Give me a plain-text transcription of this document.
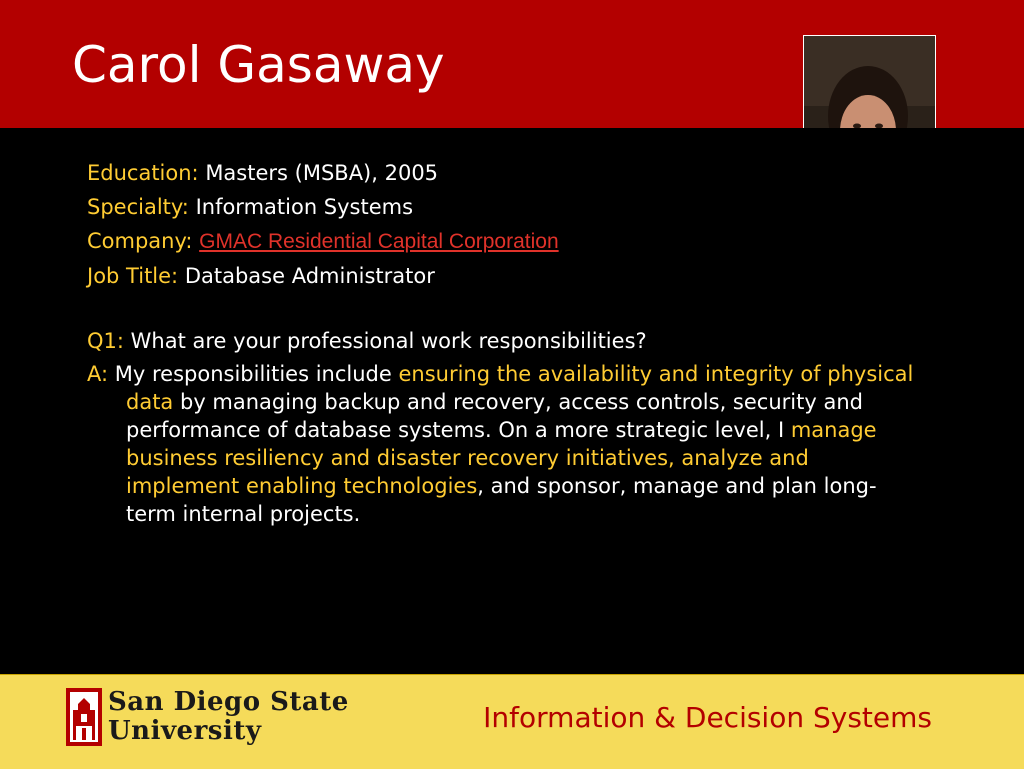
Carol Gasaway
Education: Masters (MSBA), 2005
Specialty: Information Systems
Company: GMAC Residential Capital Corporation
Job Title: Database Administrator
Q1: What are your professional work responsibilities?
A: My responsibilities include ensuring the availability and integrity of physical data by managing backup and recovery, access controls, security and performance of database systems. On a more strategic level, I manage business resiliency and disaster recovery initiatives, analyze and implement enabling technologies, and sponsor, manage and plan long-term internal projects.
San Diego State
University	Information & Decision Systems
